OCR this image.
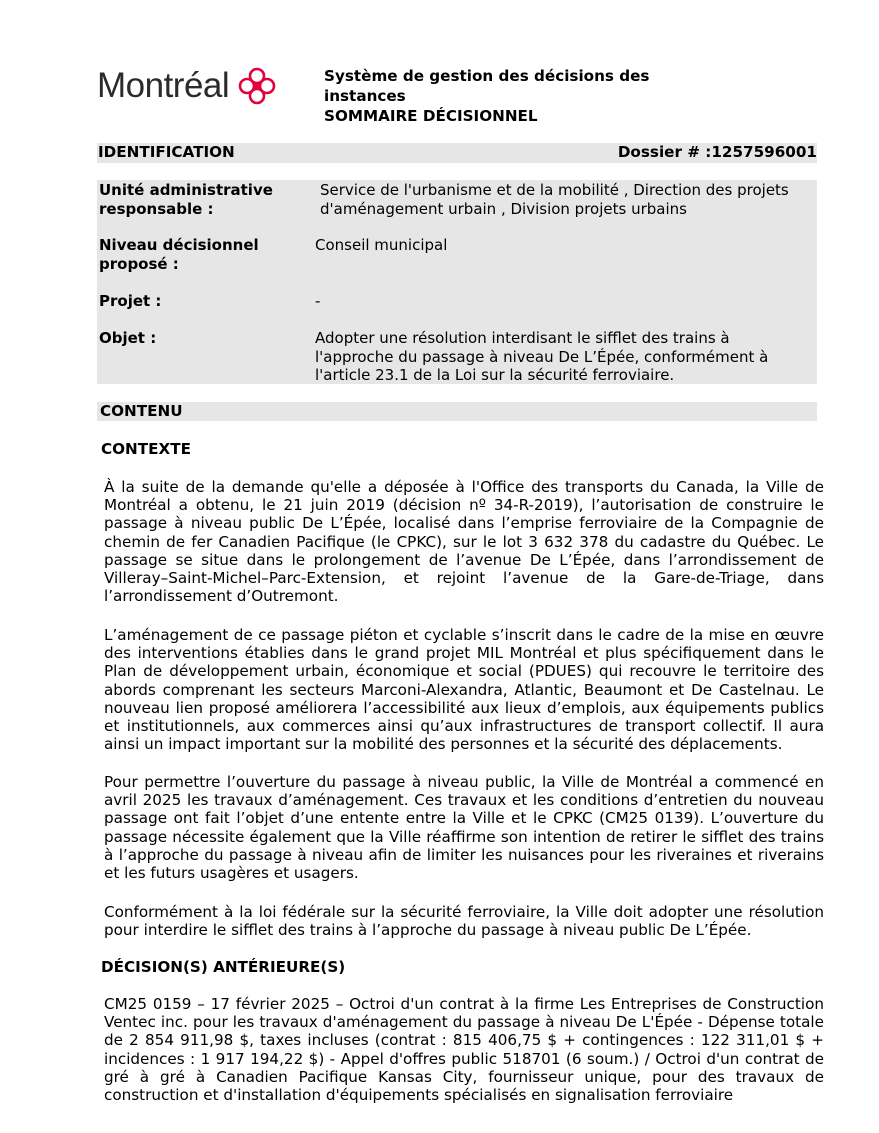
Montréal	Système de gestion des décisions des instances
SOMMAIRE DÉCISIONNEL
IDENTIFICATION	Dossier # :1257596001
Unité administrative responsable :
Service de l'urbanisme et de la mobilité , Direction des projets d'aménagement urbain , Division projets urbains
Niveau décisionnel proposé :
Conseil municipal
Projet :	-
Objet :	Adopter une résolution interdisant le sifflet des trains à l'approche du passage à niveau De L’Épée, conformément à l'article 23.1 de la Loi sur la sécurité ferroviaire.
CONTENU
CONTEXTE
À la suite de la demande qu'elle a déposée à l'Office des transports du Canada, la Ville de Montréal a obtenu, le 21 juin 2019 (décision nº 34-R-2019), l’autorisation de construire le passage à niveau public De L’Épée, localisé dans l’emprise ferroviaire de la Compagnie de chemin de fer Canadien Pacifique (le CPKC), sur le lot 3 632 378 du cadastre du Québec. Le passage se situe dans le prolongement de l’avenue De L’Épée, dans l’arrondissement de Villeray–Saint-Michel–Parc-Extension, et rejoint l’avenue de la Gare-de-Triage, dans l’arrondissement d’Outremont.
L’aménagement de ce passage piéton et cyclable s’inscrit dans le cadre de la mise en œuvre des interventions établies dans le grand projet MIL Montréal et plus spécifiquement dans le Plan de développement urbain, économique et social (PDUES) qui recouvre le territoire des abords comprenant les secteurs Marconi-Alexandra, Atlantic, Beaumont et De Castelnau. Le nouveau lien proposé améliorera l’accessibilité aux lieux d’emplois, aux équipements publics et institutionnels, aux commerces ainsi qu’aux infrastructures de transport collectif. Il aura ainsi un impact important sur la mobilité des personnes et la sécurité des déplacements.
Pour permettre l’ouverture du passage à niveau public, la Ville de Montréal a commencé en avril 2025 les travaux d’aménagement. Ces travaux et les conditions d’entretien du nouveau passage ont fait l’objet d’une entente entre la Ville et le CPKC (CM25 0139). L’ouverture du passage nécessite également que la Ville réaffirme son intention de retirer le sifflet des trains à l’approche du passage à niveau afin de limiter les nuisances pour les riveraines et riverains et les futurs usagères et usagers.
Conformément à la loi fédérale sur la sécurité ferroviaire, la Ville doit adopter une résolution pour interdire le sifflet des trains à l’approche du passage à niveau public De L’Épée.
DÉCISION(S) ANTÉRIEURE(S)
CM25 0159 – 17 février 2025 – Octroi d'un contrat à la firme Les Entreprises de Construction Ventec inc. pour les travaux d'aménagement du passage à niveau De L'Épée - Dépense totale de 2 854 911,98 $, taxes incluses (contrat : 815 406,75 $ + contingences : 122 311,01 $ + incidences : 1 917 194,22 $) - Appel d'offres public 518701 (6 soum.) / Octroi d'un contrat de gré à gré à Canadien Pacifique Kansas City, fournisseur unique, pour des travaux de construction et d'installation d'équipements spécialisés en signalisation ferroviaire
